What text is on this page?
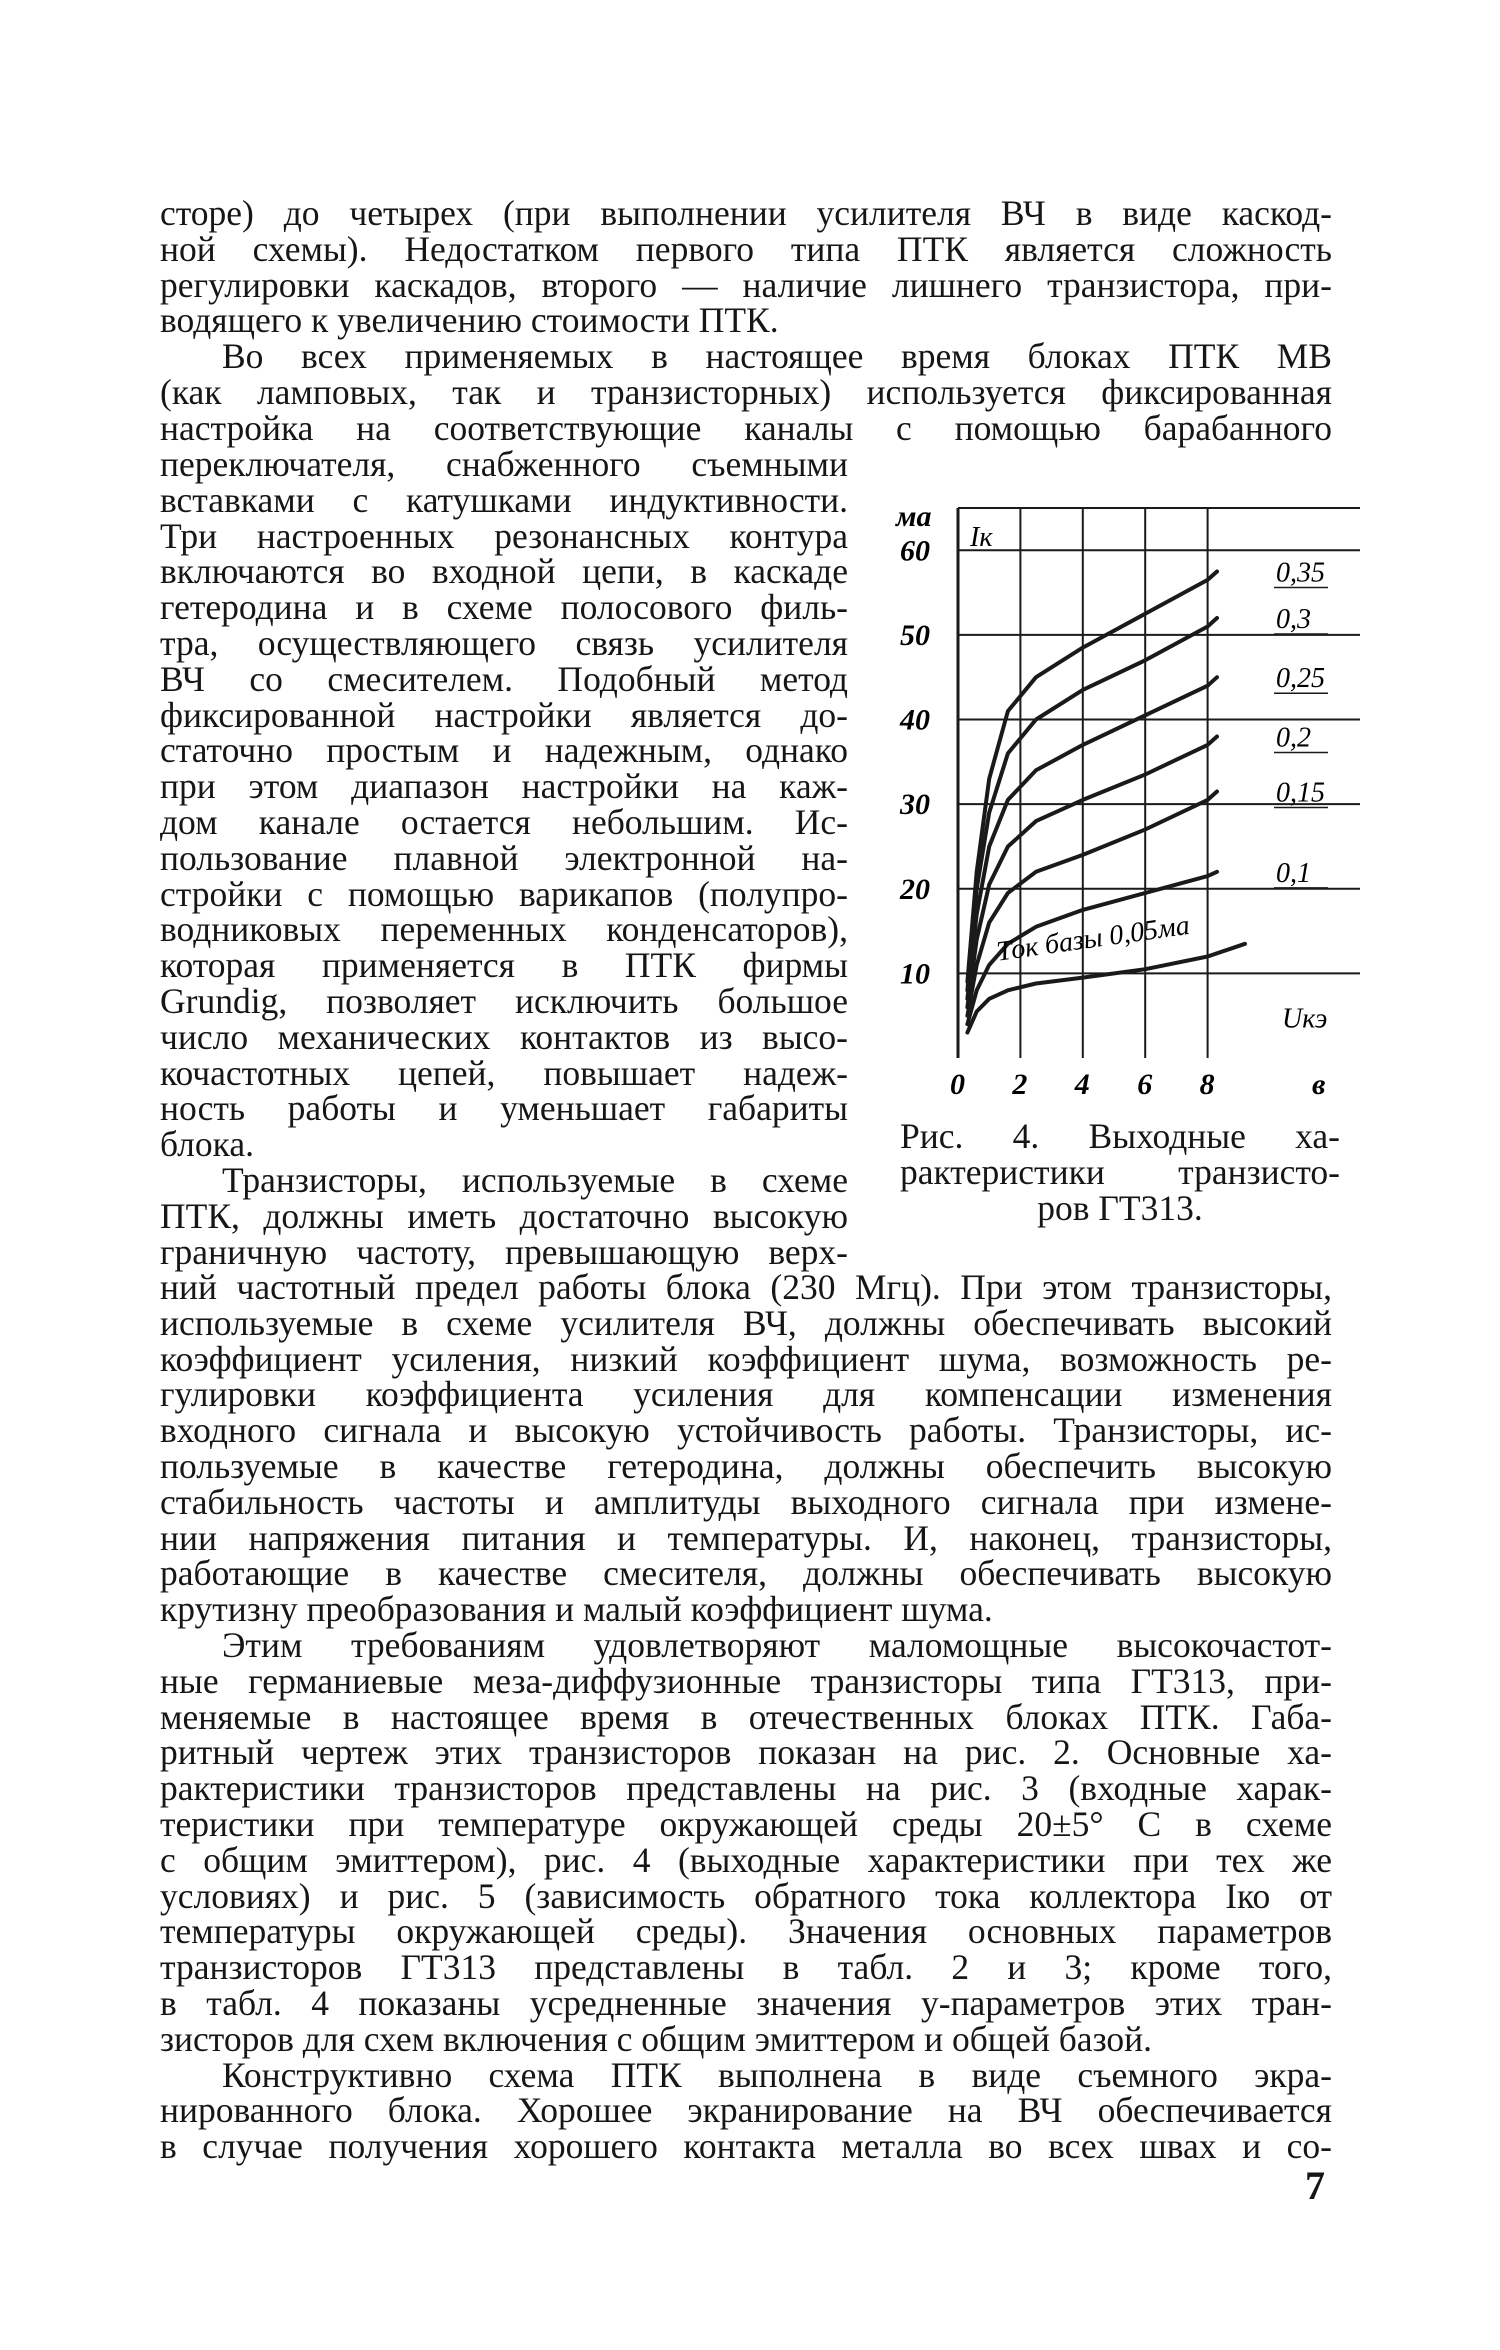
сторе) до четырех (при выполнении усилителя ВЧ в виде каскод-
ной схемы). Недостатком первого типа ПТК является сложность
регулировки каскадов, второго — наличие лишнего транзистора, при-
водящего к увеличению стоимости ПТК.
Во всех применяемых в настоящее время блоках ПТК МВ
(как ламповых, так и транзисторных) используется фиксированная
настройка на соответствующие каналы с помощью барабанного
переключателя, снабженного съемными
вставками с катушками индуктивности.
Три настроенных резонансных контура
включаются во входной цепи, в каскаде
гетеродина и в схеме полосового филь-
тра, осуществляющего связь усилителя
ВЧ со смесителем. Подобный метод
фиксированной настройки является до-
статочно простым и надежным, однако
при этом диапазон настройки на каж-
дом канале остается небольшим. Ис-
пользование плавной электронной на-
стройки с помощью варикапов (полупро-
водниковых переменных конденсаторов),
которая применяется в ПТК фирмы
Grundig, позволяет исключить большое
число механических контактов из высо-
кочастотных цепей, повышает надеж-
ность работы и уменьшает габариты
блока.
Транзисторы, используемые в схеме
ПТК, должны иметь достаточно высокую
граничную частоту, превышающую верх-
ма
60
50
40
30
20
10
0 2 4 6 8	в
Iк
Uкэ
0,35
0,3
0,25
0,2
0,15
0,1
Ток базы 0,05ма
Рис. 4. Выходные ха-
рактеристики транзисто-
ров ГТ313.
ний частотный предел работы блока (230 Мгц). При этом транзисторы,
используемые в схеме усилителя ВЧ, должны обеспечивать высокий
коэффициент усиления, низкий коэффициент шума, возможность ре-
гулировки коэффициента усиления для компенсации изменения
входного сигнала и высокую устойчивость работы. Транзисторы, ис-
пользуемые в качестве гетеродина, должны обеспечить высокую
стабильность частоты и амплитуды выходного сигнала при измене-
нии напряжения питания и температуры. И, наконец, транзисторы,
работающие в качестве смесителя, должны обеспечивать высокую
крутизну преобразования и малый коэффициент шума.
Этим требованиям удовлетворяют маломощные высокочастот-
ные германиевые меза-диффузионные транзисторы типа ГТ313, при-
меняемые в настоящее время в отечественных блоках ПТК. Габа-
ритный чертеж этих транзисторов показан на рис. 2. Основные ха-
рактеристики транзисторов представлены на рис. 3 (входные харак-
теристики при температуре окружающей среды 20±5° С в схеме
с общим эмиттером), рис. 4 (выходные характеристики при тех же
условиях) и рис. 5 (зависимость обратного тока коллектора Iко от
температуры окружающей среды). Значения основных параметров
транзисторов ГТ313 представлены в табл. 2 и 3; кроме того,
в табл. 4 показаны усредненные значения y-параметров этих тран-
зисторов для схем включения с общим эмиттером и общей базой.
Конструктивно схема ПТК выполнена в виде съемного экра-
нированного блока. Хорошее экранирование на ВЧ обеспечивается
в случае получения хорошего контакта металла во всех швах и со-
7
